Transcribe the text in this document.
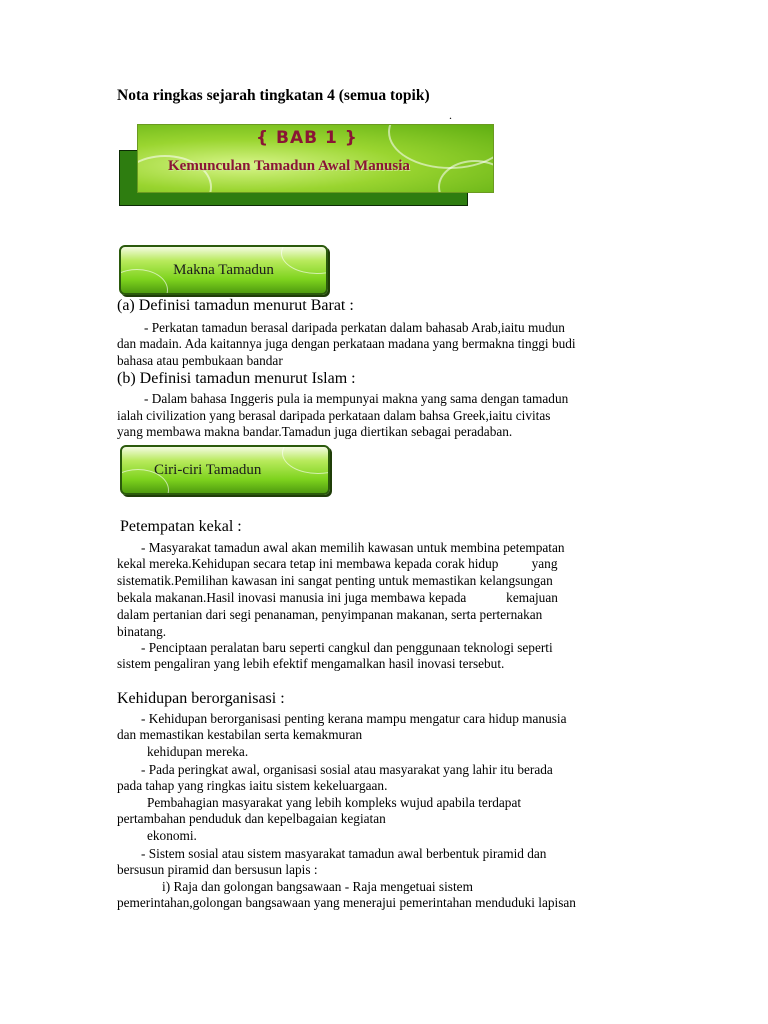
Nota ringkas sejarah tingkatan 4 (semua topik)
.
{ BAB 1 }
Kemunculan Tamadun Awal Manusia
Makna Tamadun
(a) Definisi tamadun menurut Barat :
- Perkatan tamadun berasal daripada perkatan dalam bahasab Arab,iaitu mudun
dan madain. Ada kaitannya juga dengan perkataan madana yang bermakna tinggi budi
bahasa atau pembukaan bandar
(b) Definisi tamadun menurut Islam :
- Dalam bahasa Inggeris pula ia mempunyai makna yang sama dengan tamadun
ialah civilization yang berasal daripada perkataan dalam bahsa Greek,iaitu civitas
yang membawa makna bandar.Tamadun juga diertikan sebagai peradaban.
Ciri-ciri Tamadun
Petempatan kekal :
- Masyarakat tamadun awal akan memilih kawasan untuk membina petempatan
kekal mereka.Kehidupan secara tetap ini membawa kepada corak hidup          yang
sistematik.Pemilihan kawasan ini sangat penting untuk memastikan kelangsungan
bekala makanan.Hasil inovasi manusia ini juga membawa kepada            kemajuan
dalam pertanian dari segi penanaman, penyimpanan makanan, serta perternakan
binatang.
- Penciptaan peralatan baru seperti cangkul dan penggunaan teknologi seperti
sistem pengaliran yang lebih efektif mengamalkan hasil inovasi tersebut.
Kehidupan berorganisasi :
- Kehidupan berorganisasi penting kerana mampu mengatur cara hidup manusia
dan memastikan kestabilan serta kemakmuran
kehidupan mereka.
- Pada peringkat awal, organisasi sosial atau masyarakat yang lahir itu berada
pada tahap yang ringkas iaitu sistem kekeluargaan.
Pembahagian masyarakat yang lebih kompleks wujud apabila terdapat
pertambahan penduduk dan kepelbagaian kegiatan
ekonomi.
- Sistem sosial atau sistem masyarakat tamadun awal berbentuk piramid dan
bersusun piramid dan bersusun lapis :
i) Raja dan golongan bangsawaan - Raja mengetuai sistem
pemerintahan,golongan bangsawaan yang menerajui pemerintahan menduduki lapisan
